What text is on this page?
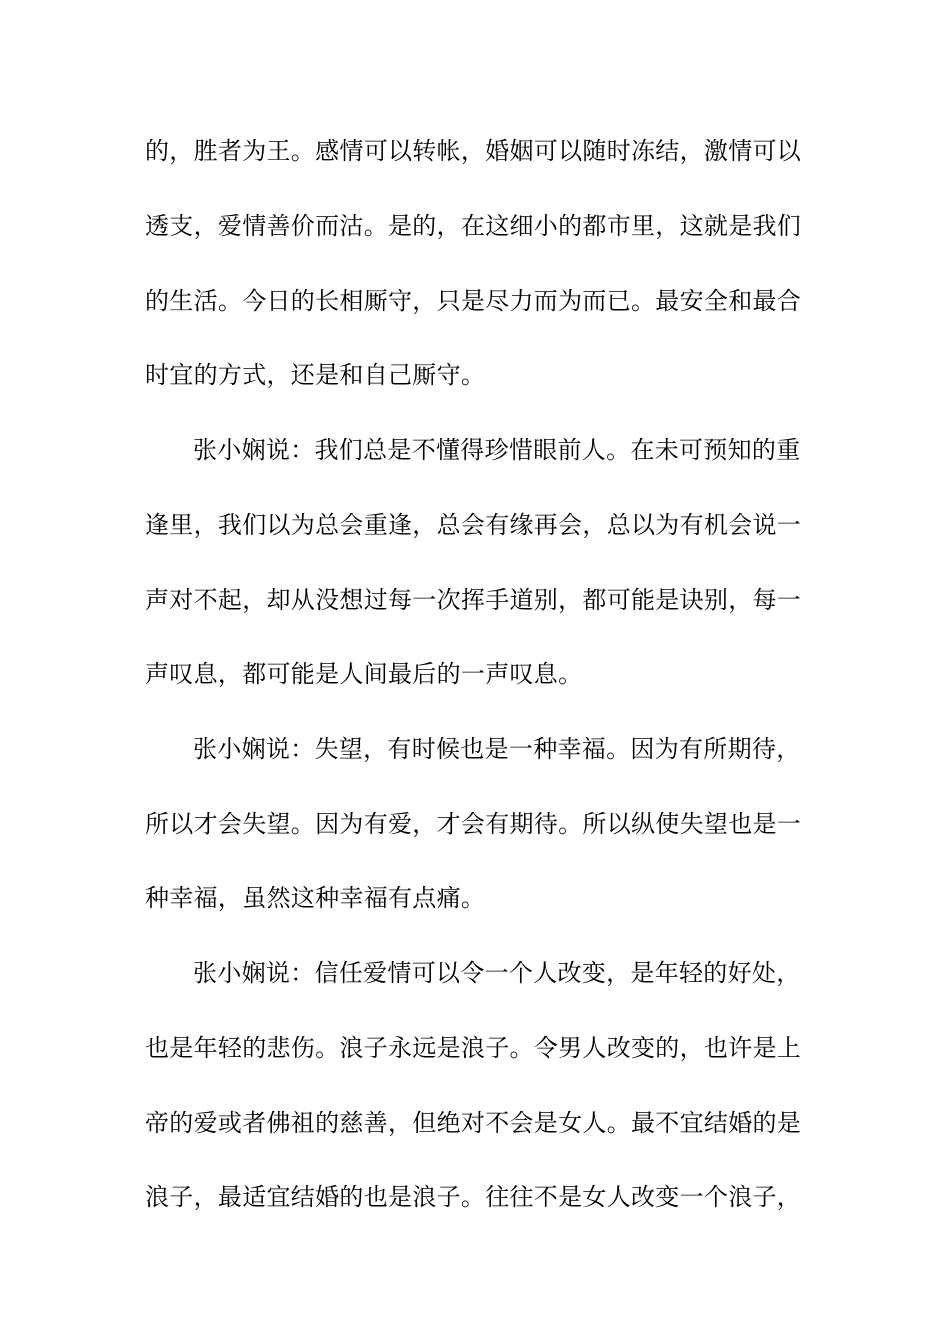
的，胜者为王。感情可以转帐，婚姻可以随时冻结，激情可以
透支，爱情善价而沽。是的，在这细小的都市里，这就是我们
的生活。今日的长相厮守，只是尽力而为而已。最安全和最合
时宜的方式，还是和自己厮守。
张小娴说：我们总是不懂得珍惜眼前人。在未可预知的重
逢里，我们以为总会重逢，总会有缘再会，总以为有机会说一
声对不起，却从没想过每一次挥手道别，都可能是诀别，每一
声叹息，都可能是人间最后的一声叹息。
张小娴说：失望，有时候也是一种幸福。因为有所期待，
所以才会失望。因为有爱，才会有期待。所以纵使失望也是一
种幸福，虽然这种幸福有点痛。
张小娴说：信任爱情可以令一个人改变，是年轻的好处，
也是年轻的悲伤。浪子永远是浪子。令男人改变的，也许是上
帝的爱或者佛祖的慈善，但绝对不会是女人。最不宜结婚的是
浪子，最适宜结婚的也是浪子。往往不是女人改变一个浪子，
